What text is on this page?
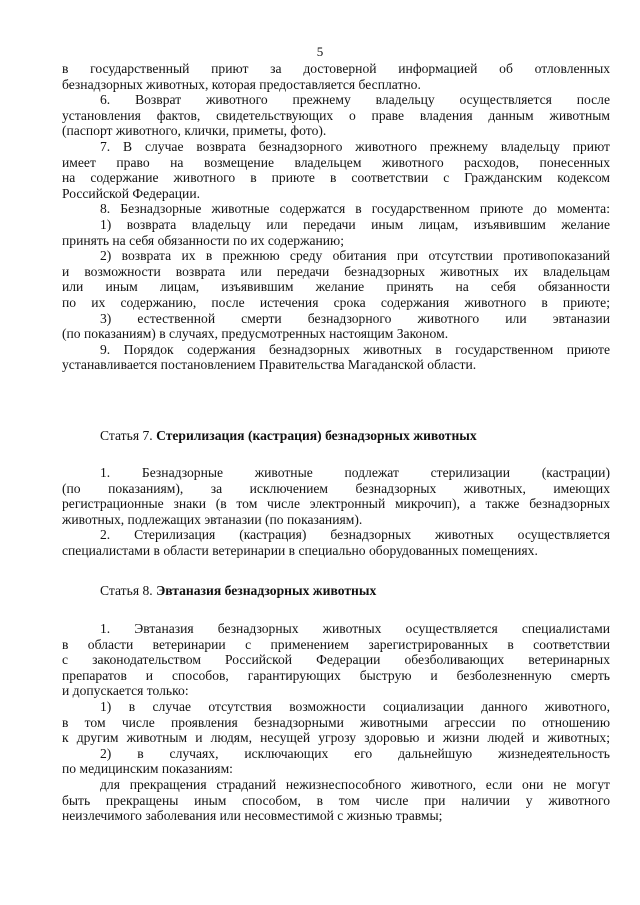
5
в государственный приют за достоверной информацией об отловленных
безнадзорных животных, которая предоставляется бесплатно.
6. Возврат животного прежнему владельцу осуществляется после
установления фактов, свидетельствующих о праве владения данным животным
(паспорт животного, клички, приметы, фото).
7. В случае возврата безнадзорного животного прежнему владельцу приют
имеет право на возмещение владельцем животного расходов, понесенных
на содержание животного в приюте в соответствии с Гражданским кодексом
Российской Федерации.
8. Безнадзорные животные содержатся в государственном приюте до момента:
1) возврата владельцу или передачи иным лицам, изъявившим желание
принять на себя обязанности по их содержанию;
2) возврата их в прежнюю среду обитания при отсутствии противопоказаний
и возможности возврата или передачи безнадзорных животных их владельцам
или иным лицам, изъявившим желание принять на себя обязанности
по их содержанию, после истечения срока содержания животного в приюте;
3) естественной смерти безнадзорного животного или эвтаназии
(по показаниям) в случаях, предусмотренных настоящим Законом.
9. Порядок содержания безнадзорных животных в государственном приюте
устанавливается постановлением Правительства Магаданской области.
Статья 7. Стерилизация (кастрация) безнадзорных животных
1. Безнадзорные животные подлежат стерилизации (кастрации)
(по показаниям), за исключением безнадзорных животных, имеющих
регистрационные знаки (в том числе электронный микрочип), а также безнадзорных
животных, подлежащих эвтаназии (по показаниям).
2. Стерилизация (кастрация) безнадзорных животных осуществляется
специалистами в области ветеринарии в специально оборудованных помещениях.
Статья 8. Эвтаназия безнадзорных животных
1. Эвтаназия безнадзорных животных осуществляется специалистами
в области ветеринарии с применением зарегистрированных в соответствии
с законодательством Российской Федерации обезболивающих ветеринарных
препаратов и способов, гарантирующих быструю и безболезненную смерть
и допускается только:
1) в случае отсутствия возможности социализации данного животного,
в том числе проявления безнадзорными животными агрессии по отношению
к другим животным и людям, несущей угрозу здоровью и жизни людей и животных;
2) в случаях, исключающих его дальнейшую жизнедеятельность
по медицинским показаниям:
для прекращения страданий нежизнеспособного животного, если они не могут
быть прекращены иным способом, в том числе при наличии у животного
неизлечимого заболевания или несовместимой с жизнью травмы;
